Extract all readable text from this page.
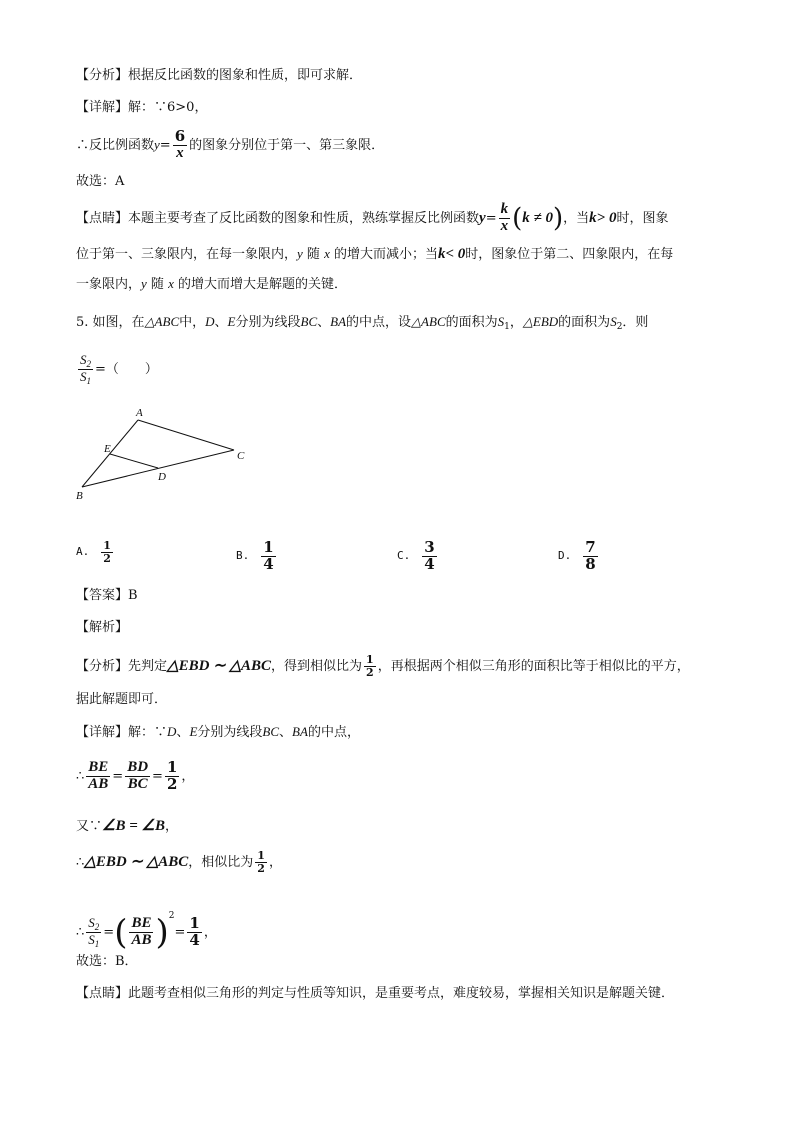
【分析】根据反比函数的图象和性质，即可求解．
【详解】解：∵6>0，
∴反比例函数$y= \frac{6}{x}$ 的图象分别位于第一、第三象限．
故选：A
【点睛】本题主要考查了反比函数的图象和性质，熟练掌握反比例函数$y= \frac{k}{x} (k \ne 0)$，当k> 0时，图象
位于第一、三象限内，在每一象限内，y 随 x 的增大而减小；当k< 0时，图象位于第二、四象限内，在每
一象限内，y 随 x 的增大而增大是解题的关键．
5. 如图，在△ABC中，D、E分别为线段BC、BA的中点，设△ABC的面积为$S_1$，△EBD的面积为$S_2$．则
$\frac{S_2}{S_1}$ =（　　）
A
B
C
D
E
A. $\frac{1}{2}$	B. $\frac{1}{4}$	C. $\frac{3}{4}$	D. $\frac{7}{8}$
【答案】B
【解析】
【分析】先判定△EBD ∼ △ABC，得到相似比为 $\frac{1}{2}$ ，再根据两个相似三角形的面积比等于相似比的平方，
据此解题即可．
【详解】解：∵D、E分别为线段BC、BA的中点，
∴ $\frac{BE}{AB} = \frac{BD}{BC} = \frac{1}{2}$ ，
又∵∠B = ∠B，
∴△EBD ∼ △ABC，相似比为 $\frac{1}{2}$ ，
∴ $\frac{S_2}{S_1}$ =( $\frac{BE}{AB} )^2= \frac{1}{4}$ ，
故选：B．
【点睛】此题考查相似三角形的判定与性质等知识，是重要考点，难度较易，掌握相关知识是解题关键．
